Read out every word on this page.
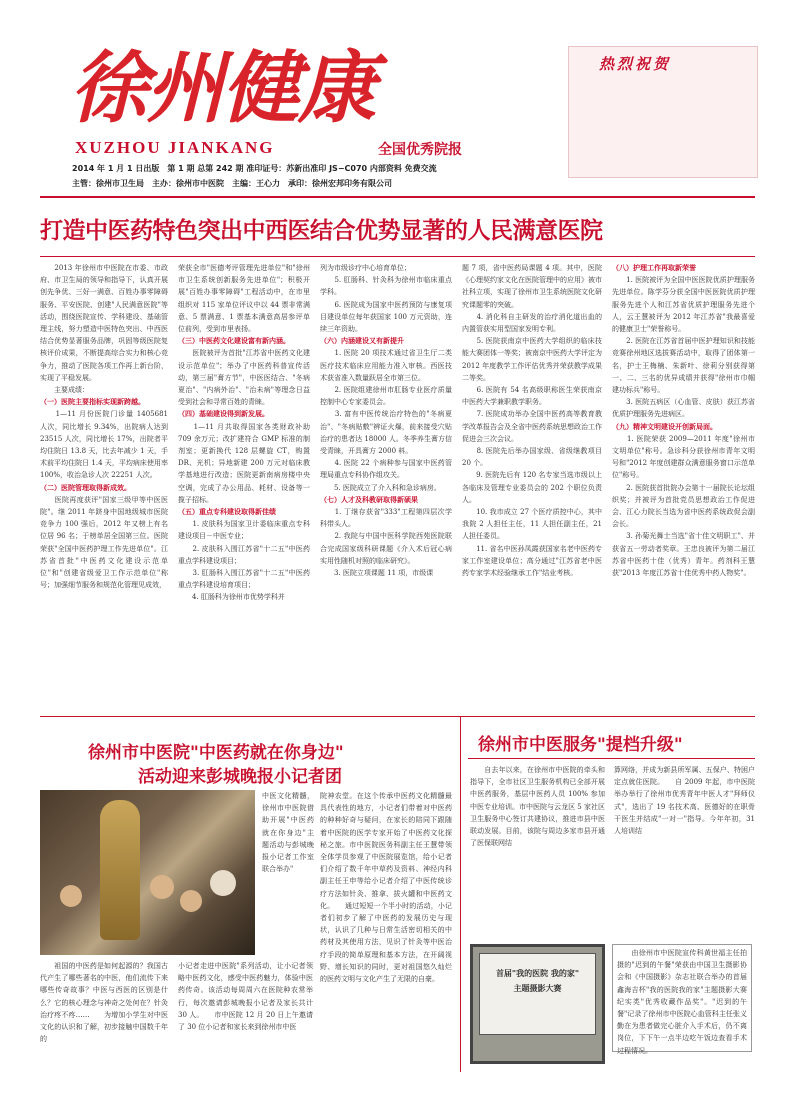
徐州健康
XUZHOU JIANKANG	全国优秀院报
2014 年 1 月 1 日出版　第 1 期 总第 242 期 准印证号：苏新出准印 JS−C070 内部资料 免费交流
主管：徐州市卫生局　主办：徐州市中医院　主编：王心力　承印：徐州宏邦印务有限公司
热烈祝贺
打造中医药特色突出中西医结合优势显著的人民满意医院

　　2013 年徐州市中医院在市委、市政府、市卫生局的领导和指导下，认真开展创先争优、三好一满意、百姓办事零障碍服务、平安医院、创建"人民满意医院"等活动，围绕医院宣传、学科建设、基础管理主线，努力塑造中医特色突出、中西医结合优势显著服务品牌，巩固等级医院复核评价成果，不断提高综合实力和核心竞争力，推动了医院各项工作再上新台阶，实现了平稳发展。

　　主要成绩：

（一）医院主要指标实现新跨越。

　　1—11 月份医院门诊量 1405681 人次，同比增长 9.34%，出院病人达到 23515 人次，同比增长 17%，出院者平均住院日 13.8 天，比去年减少 1 天，手术前平均住院日 1.4 天，平均病床使用率 100%，收治急诊人次 22251 人次。

（二）医院管理取得新成效。

　　医院再度获评"国家三级甲等中医医院"。继 2011 年跻身中国地级城市医院竞争力 100 强后，2012 年又榜上有名位居 96 名；于榜单居全国第三位。医院荣获"全国中医药护理工作先进单位"。江苏省首批"中医药文化建设示范单位"和"创建省级爱卫工作示范单位"称号；加强细节服务和规范化管理见成效，

荣获全市"医德考评管理先进单位"和"徐州市卫生系统创新服务先进单位"；积极开展"百姓办事零障碍"工程活动中，在市里组织对 115 家单位评议中以 44 票非常满意、5 票满意、1 票基本满意高居参评单位前列，受到市里表扬。

（三）中医药文化建设富有新内涵。

　　医院被评为首批"江苏省中医药文化建设示范单位"；举办了中医药科普宣传活动，第三届"膏方节"，中医医结合、"冬病夏治"、"内病外治"、"治未病"等理念日益受到社会和寻常百姓的青睐。

（四）基础建设得到新发展。

　　1—11 月共取得国家各类财政补助 709 余万元；改扩建符合 GMP 标准的制剂室；更新换代 128 层螺旋 CT，购置 DR、光机；异地新建 200 万元对临床教学基地进行改造；医院更新南病房楼中央空调，完成了办公用品、耗材、设备等一揽子招标。

（五）重点专科建设取得新佳绩

　　1. 皮肤科为国家卫计委临床重点专科建设项目－中医专业；

　　2. 皮肤科入围江苏省"十二五"中医药重点学科建设项目；

　　3. 肛肠科入围江苏省"十二五"中医药重点学科建设培育项目；

　　4. 肛肠科为徐州市优势学科并

列为市级诊疗中心培育单位；

　　5. 肛肠科、针灸科为徐州市临床重点学科。

　　6. 医院成为国家中医药预防与康复项目建设单位每年获国家 100 万元资助，连续三年资助。

（六）内涵建设又有新提升

　　1. 医院 20 项技术通过省卫生厅二类医疗技术临床应用能力准入审核。西医技术获省准入数量跃居全市第三位。

　　2. 医院组建徐州市肛肠专业医疗质量控制中心专家委员会。

　　3. 富有中医传统治疗特色的"冬病夏治"、"冬病贴敷"辨证火爆，前来接受穴贴治疗的患者达 18000 人。冬季养生膏方信受青睐，开具膏方 2000 料。

　　4. 医院 22 个病种参与国家中医药管理局重点专科协作组攻关。

　　5. 医院成立了介入科和急诊病房。

（七）人才及科教研取得新硕果

　　1. 丁继存获省"333"工程第四层次学科带头人。

　　2. 我院与中国中医科学院西苑医院联合完成国家级科研课题《介入术后冠心病实用性随机对照的临床研究》。

　　3. 医院立项课题 11 项，市级课

题 7 项，省中医药局课题 4 项。其中，医院《心理契约家文化在医院管理中的应用》被市社科立项，实现了徐州市卫生系统医院文化研究课题零的突破。

　　4. 消化科自主研发的治疗消化道出血的内置管获实用型国家发明专利。

　　5. 医院获南京中医药大学组织的临床技能大赛团体一等奖；被南京中医药大学评定为 2012 年度教学工作评估优秀并荣获教学成果二等奖。

　　6. 医院有 54 名高级职称医生荣获南京中医药大学兼职教学职务。

　　7. 医院成功举办全国中医药高等教育教学改革报告会及全省中医药系统思想政治工作促进会三次会议。

　　8. 医院先后举办国家级、省级继教项目 20 个。

　　9. 医院先后有 120 名专家当选市级以上各临床及管理专业委员会的 202 个职位负责人。

　　10. 我市成立 27 个医疗质控中心，其中我院 2 人担任主任，11 人担任副主任，21 人担任委员。

　　11. 省名中医孙凤霞获国家名老中医药专家工作室建设单位；高分通过"江苏省老中医药专家学术经验继承工作"结业考核。

（八）护理工作再取新荣誉

　　1. 医院被评为全国中医医院优质护理服务先进单位。陈学芬分获全国中医医院优质护理服务先进个人和江苏省优质护理服务先进个人，云王慧被评为 2012 年江苏省"我最喜爱的健康卫士"荣誉称号。

　　2. 医院在江苏省首届中医护理知识和技能竞赛徐州地区选拔赛活动中，取得了团体第一名，护士王梅楠、朱新叶、徐莉分别获得第一、二、三名的优异成绩并获得"徐州市巾帼建功标兵"称号。

　　3. 医院五病区（心血管、皮肤）获江苏省优质护理服务先进病区。

（九）精神文明建设开创新局面。

　　1. 医院荣获 2009—2011 年度"徐州市文明单位"称号。急诊科分获徐州市青年文明号和"2012 年度创建群众满意服务窗口示范单位"称号。

　　2. 医院获首批院办会第十一届院长论坛组织奖；并被评为首批党员思想政治工作促进会、江心力院长当选为省中医药系统政促会副会长。

　　3. 孙菊光舞士当选"省十佳文明职工"、并获省五一劳动者奖章。王忠良被评为第二届江苏省中医药十佳（优秀）青年。药剂科王慧获"2013 年度江苏省十佳优秀中药人物奖"。

徐州市中医院"中医药就在你身边"
活动迎来彭城晚报小记者团
中医文化精髓，徐州市中医院借助开展"中医药就在你身边"主题活动与彭城晚报小记者工作室联合举办"
　　祖国的中医药是如何起源的？我国古代产生了哪些著名的中医，他们流传下来哪些传奇故事？中医与西医的区别是什么？它的核心理念与神奇之处何在？针灸治疗疼不疼……　　为增加小学生对中医文化的认识和了解，初步接触中国数千年的
小记者走进中医院"系列活动，让小记者领略中医药文化，感受中医药魅力，体验中医药传奇。该活动每周周六在医院种农常举行，每次邀请彭城晚报小记者及家长共计 30 人。　　市中医院 12 月 20 日上午邀请了 30 位小记者和家长来到徐州市中医
院神农堂。在这个传承中医药文化精髓最具代表性的地方，小记者们带着对中医药的种种好奇与疑问，在家长的陪同下跟随着中医院的医学专家开始了中医药文化探秘之旅。市中医院医务科副主任王慧带领全体学员参观了中医院展览馆，给小记者们介绍了数千年中草药及资料、神经内科副主任王申等给小记者介绍了中医传统诊疗方法如针灸、推拿、拔火罐和中医药文化。　　通过短短一个半小时的活动，小记者们初步了解了中医药的发展历史与现状，认识了几种与日常生活密切相关的中药材及其使用方法，见识了针灸等中医治疗手段的简单原理和基本方法，在开阔视野、增长知识的同时，更对祖国悠久灿烂的医药文明与文化产生了无限的自豪。
徐州市中医服务"提档升级"
　　自去年以来，在徐州市中医院的牵头和指导下，全市社区卫生服务机构已全部开展中医药服务，基层中医药人员 100% 参加中医专业培训。市中医院与云龙区 5 家社区卫生服务中心签订共建协议，推进市县中医联动发展。目前，该院与周边多家市县开通了医保联网结
算网络，并成为新县所军属、五保户、特困户定点就住医院。　　自 2009 年起，市中医院举办举行了徐州市优秀青年中医人才"拜师仪式"，选出了 19 名技术高、医德好的在职骨干医生并结成"一对一"指导。今年年初，31 人培训结
首届"我的医院 我的家"
主题摄影大赛
　　由徐州市中医院宣传科黄世福主任拍摄的"迟到的午餐"荣获由中国卫生摄影协会和《中国摄影》杂志社联合举办的首届鑫海吉杯"我的医院我的家"主题摄影大赛纪实类"优秀收藏作品奖"。"迟到的午餐"记录了徐州市中医院心血管科主任张义勤在为患者做完心脏介入手术后，仍不离岗位，下下午一点半边吃午饭边查看手术过程情况。
